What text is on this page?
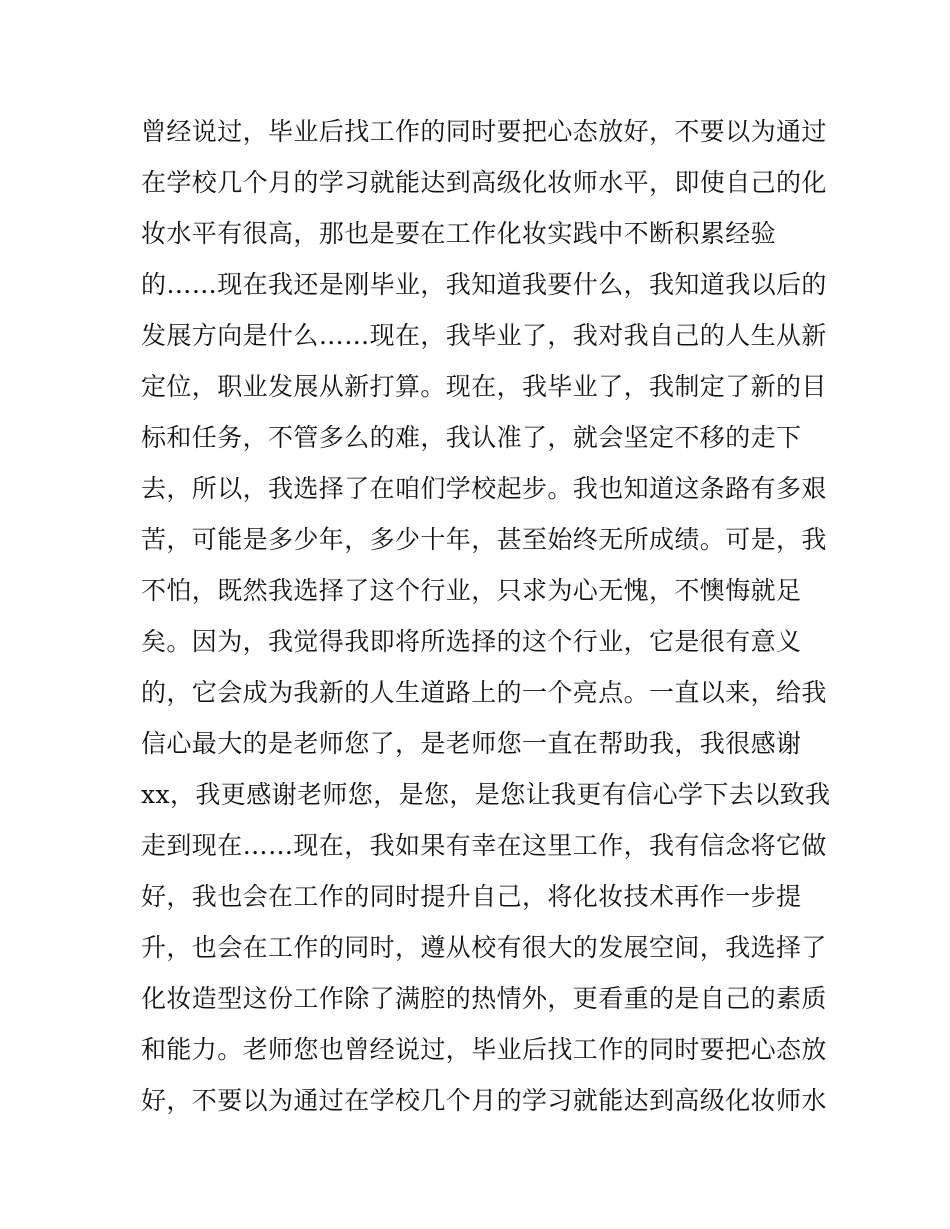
曾经说过，毕业后找工作的同时要把心态放好，不要以为通过
在学校几个月的学习就能达到高级化妆师水平，即使自己的化
妆水平有很高，那也是要在工作化妆实践中不断积累经验
的……现在我还是刚毕业，我知道我要什么，我知道我以后的
发展方向是什么……现在，我毕业了，我对我自己的人生从新
定位，职业发展从新打算。现在，我毕业了，我制定了新的目
标和任务，不管多么的难，我认准了，就会坚定不移的走下
去，所以，我选择了在咱们学校起步。我也知道这条路有多艰
苦，可能是多少年，多少十年，甚至始终无所成绩。可是，我
不怕，既然我选择了这个行业，只求为心无愧，不懊悔就足
矣。因为，我觉得我即将所选择的这个行业，它是很有意义
的，它会成为我新的人生道路上的一个亮点。一直以来，给我
信心最大的是老师您了，是老师您一直在帮助我，我很感谢
xx，我更感谢老师您，是您，是您让我更有信心学下去以致我
走到现在……现在，我如果有幸在这里工作，我有信念将它做
好，我也会在工作的同时提升自己，将化妆技术再作一步提
升，也会在工作的同时，遵从校有很大的发展空间，我选择了
化妆造型这份工作除了满腔的热情外，更看重的是自己的素质
和能力。老师您也曾经说过，毕业后找工作的同时要把心态放
好，不要以为通过在学校几个月的学习就能达到高级化妆师水
